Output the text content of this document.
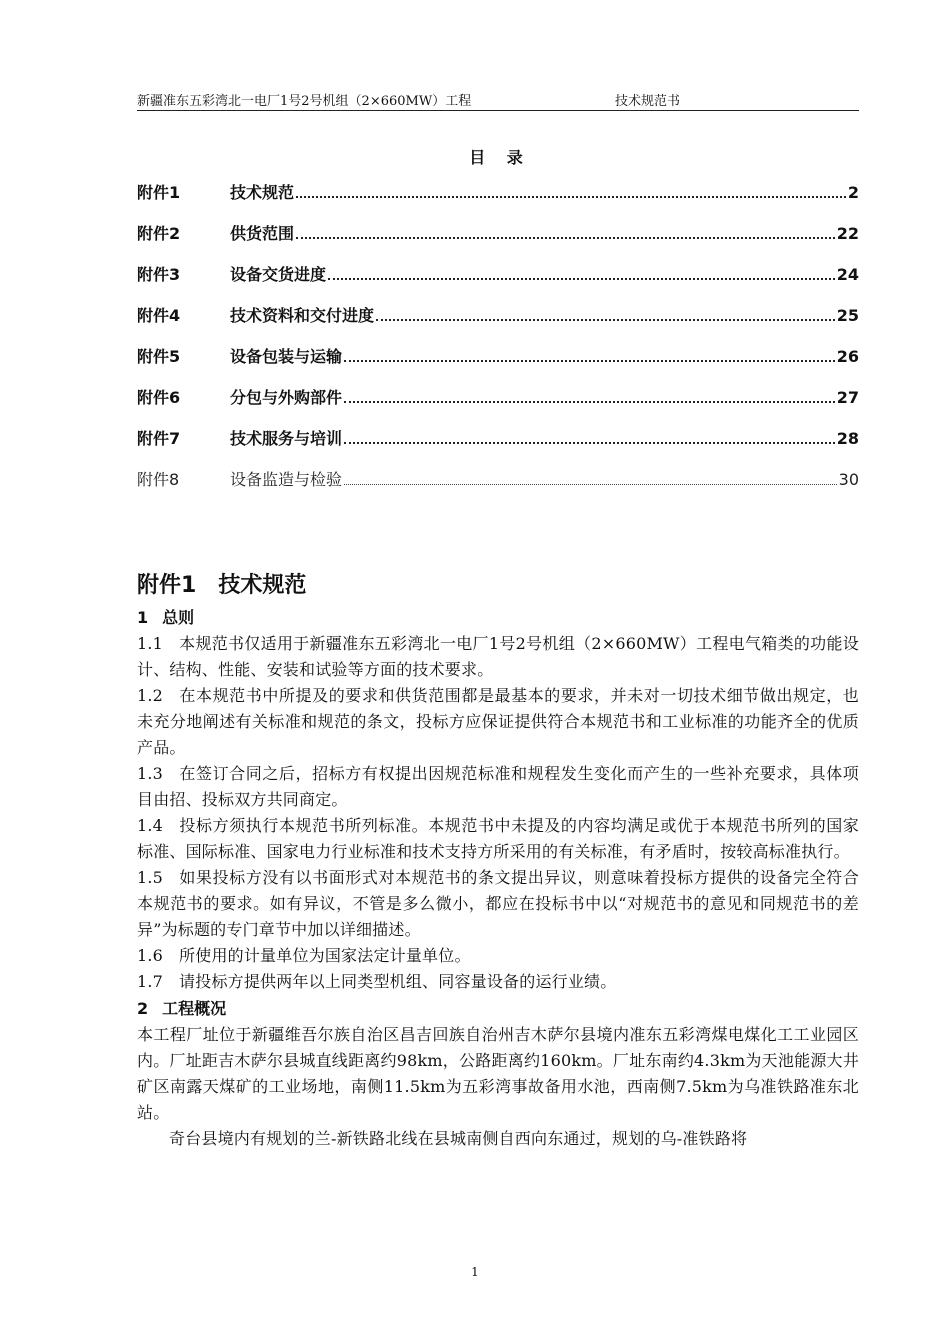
新疆准东五彩湾北一电厂1号2号机组（2×660MW）工程	技术规范书
目 录
附件1	技术规范	2
附件2	供货范围	22
附件3	设备交货进度	24
附件4	技术资料和交付进度	25
附件5	设备包装与运输	26
附件6	分包与外购部件	27
附件7	技术服务与培训	28
附件8	设备监造与检验	30
附件1 技术规范
1 总则

1.1 本规范书仅适用于新疆准东五彩湾北一电厂1号2号机组（2×660MW）工程电气箱类的功能设计、结构、性能、安装和试验等方面的技术要求。

1.2 在本规范书中所提及的要求和供货范围都是最基本的要求，并未对一切技术细节做出规定，也未充分地阐述有关标准和规范的条文，投标方应保证提供符合本规范书和工业标准的功能齐全的优质产品。

1.3 在签订合同之后，招标方有权提出因规范标准和规程发生变化而产生的一些补充要求，具体项目由招、投标双方共同商定。

1.4 投标方须执行本规范书所列标准。本规范书中未提及的内容均满足或优于本规范书所列的国家标准、国际标准、国家电力行业标准和技术支持方所采用的有关标准，有矛盾时，按较高标准执行。

1.5 如果投标方没有以书面形式对本规范书的条文提出异议，则意味着投标方提供的设备完全符合本规范书的要求。如有异议，不管是多么微小，都应在投标书中以“对规范书的意见和同规范书的差异”为标题的专门章节中加以详细描述。

1.6 所使用的计量单位为国家法定计量单位。

1.7 请投标方提供两年以上同类型机组、同容量设备的运行业绩。

2 工程概况

本工程厂址位于新疆维吾尔族自治区昌吉回族自治州吉木萨尔县境内准东五彩湾煤电煤化工工业园区内。厂址距吉木萨尔县城直线距离约98km，公路距离约160km。厂址东南约4.3km为天池能源大井矿区南露天煤矿的工业场地，南侧11.5km为五彩湾事故备用水池，西南侧7.5km为乌准铁路准东北站。

奇台县境内有规划的兰-新铁路北线在县城南侧自西向东通过，规划的乌-准铁路将

1
